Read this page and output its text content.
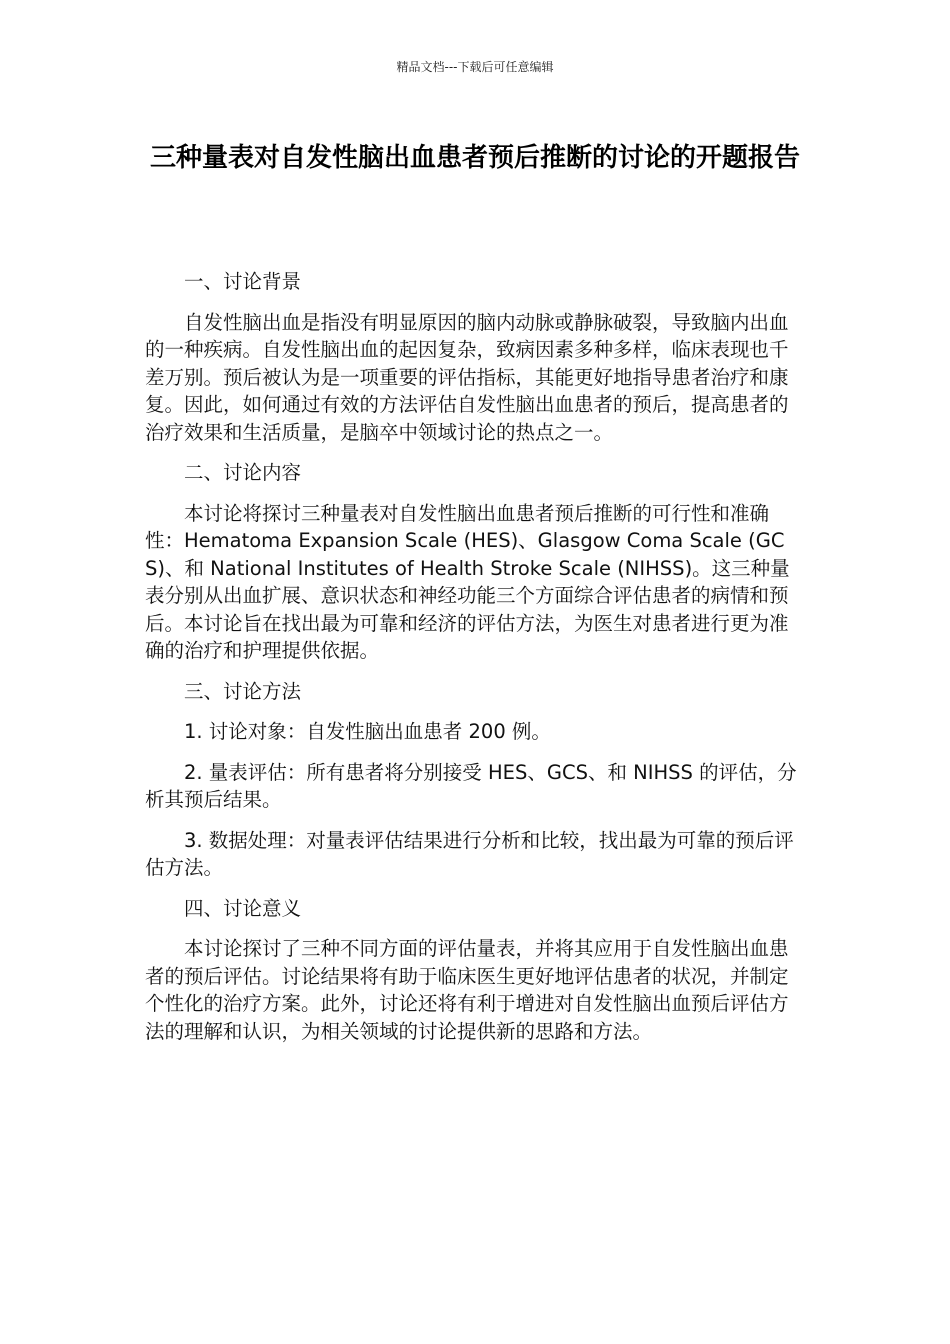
精品文档---下载后可任意编辑
三种量表对自发性脑出血患者预后推断的讨论的开题报告

一、讨论背景

自发性脑出血是指没有明显原因的脑内动脉或静脉破裂，导致脑内出血的一种疾病。自发性脑出血的起因复杂，致病因素多种多样，临床表现也千差万别。预后被认为是一项重要的评估指标，其能更好地指导患者治疗和康复。因此，如何通过有效的方法评估自发性脑出血患者的预后，提高患者的治疗效果和生活质量，是脑卒中领域讨论的热点之一。

二、讨论内容

本讨论将探讨三种量表对自发性脑出血患者预后推断的可行性和准确性：Hematoma Expansion Scale (HES)、Glasgow Coma Scale (GCS)、和 National Institutes of Health Stroke Scale (NIHSS)。这三种量表分别从出血扩展、意识状态和神经功能三个方面综合评估患者的病情和预后。本讨论旨在找出最为可靠和经济的评估方法，为医生对患者进行更为准确的治疗和护理提供依据。

三、讨论方法

1. 讨论对象：自发性脑出血患者 200 例。

2. 量表评估：所有患者将分别接受 HES、GCS、和 NIHSS 的评估，分析其预后结果。

3. 数据处理：对量表评估结果进行分析和比较，找出最为可靠的预后评估方法。

四、讨论意义

本讨论探讨了三种不同方面的评估量表，并将其应用于自发性脑出血患者的预后评估。讨论结果将有助于临床医生更好地评估患者的状况，并制定个性化的治疗方案。此外，讨论还将有利于增进对自发性脑出血预后评估方法的理解和认识，为相关领域的讨论提供新的思路和方法。
